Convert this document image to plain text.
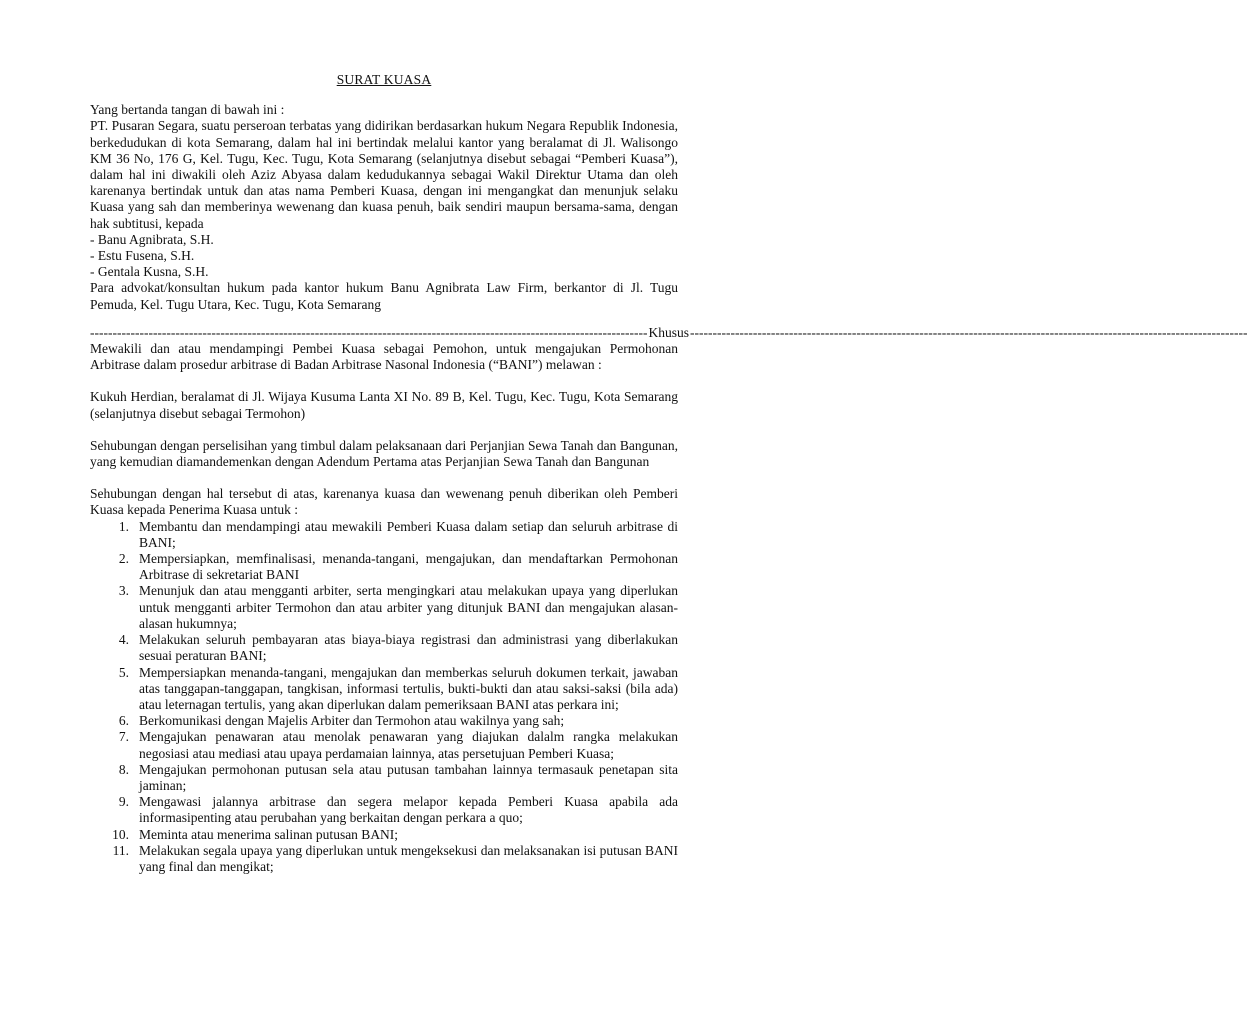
SURAT KUASA

Yang bertanda tangan di bawah ini :

PT. Pusaran Segara, suatu perseroan terbatas yang didirikan berdasarkan hukum Negara Republik Indonesia, berkedudukan di kota Semarang, dalam hal ini bertindak melalui kantor yang beralamat di Jl. Walisongo KM 36 No, 176 G, Kel. Tugu, Kec. Tugu, Kota Semarang (selanjutnya disebut sebagai “Pemberi Kuasa”), dalam hal ini diwakili oleh Aziz Abyasa dalam kedudukannya sebagai Wakil Direktur Utama dan oleh karenanya bertindak untuk dan atas nama Pemberi Kuasa, dengan ini mengangkat dan menunjuk selaku Kuasa yang sah dan memberinya wewenang dan kuasa penuh, baik sendiri maupun bersama-sama, dengan hak subtitusi, kepada

- Banu Agnibrata, S.H.

- Estu Fusena, S.H.

- Gentala Kusna, S.H.

Para advokat/konsultan hukum pada kantor hukum Banu Agnibrata Law Firm, berkantor di Jl. Tugu Pemuda, Kel. Tugu Utara, Kec. Tugu, Kota Semarang

---------------------------------------------------------------------------------------------------------------------------- Khusus ----------------------------------------------------------------------------------------------------------------------------

Mewakili dan atau mendampingi Pembei Kuasa sebagai Pemohon, untuk mengajukan Permohonan Arbitrase dalam prosedur arbitrase di Badan Arbitrase Nasonal Indonesia (“BANI”) melawan :

Kukuh Herdian, beralamat di Jl. Wijaya Kusuma Lanta XI No. 89 B, Kel. Tugu, Kec. Tugu, Kota Semarang (selanjutnya disebut sebagai Termohon)

Sehubungan dengan perselisihan yang timbul dalam pelaksanaan dari Perjanjian Sewa Tanah dan Bangunan, yang kemudian diamandemenkan dengan Adendum Pertama atas Perjanjian Sewa Tanah dan Bangunan

Sehubungan dengan hal tersebut di atas, karenanya kuasa dan wewenang penuh diberikan oleh Pemberi Kuasa kepada Penerima Kuasa untuk :

1. Membantu dan mendampingi atau mewakili Pemberi Kuasa dalam setiap dan seluruh arbitrase di BANI;
2. Mempersiapkan, memfinalisasi, menanda-tangani, mengajukan, dan mendaftarkan Permohonan Arbitrase di sekretariat BANI
3. Menunjuk dan atau mengganti arbiter, serta mengingkari atau melakukan upaya yang diperlukan untuk mengganti arbiter Termohon dan atau arbiter yang ditunjuk BANI dan mengajukan alasan-alasan hukumnya;
4. Melakukan seluruh pembayaran atas biaya-biaya registrasi dan administrasi yang diberlakukan sesuai peraturan BANI;
5. Mempersiapkan menanda-tangani, mengajukan dan memberkas seluruh dokumen terkait, jawaban atas tanggapan-tanggapan, tangkisan, informasi tertulis, bukti-bukti dan atau saksi-saksi (bila ada) atau leternagan tertulis, yang akan diperlukan dalam pemeriksaan BANI atas perkara ini;
6. Berkomunikasi dengan Majelis Arbiter dan Termohon atau wakilnya yang sah;
7. Mengajukan penawaran atau menolak penawaran yang diajukan dalalm rangka melakukan negosiasi atau mediasi atau upaya perdamaian lainnya, atas persetujuan Pemberi Kuasa;
8. Mengajukan permohonan putusan sela atau putusan tambahan lainnya termasauk penetapan sita jaminan;
9. Mengawasi jalannya arbitrase dan segera melapor kepada Pemberi Kuasa apabila ada informasipenting atau perubahan yang berkaitan dengan perkara a quo;
10. Meminta atau menerima salinan putusan BANI;
11. Melakukan segala upaya yang diperlukan untuk mengeksekusi dan melaksanakan isi putusan BANI yang final dan mengikat;
